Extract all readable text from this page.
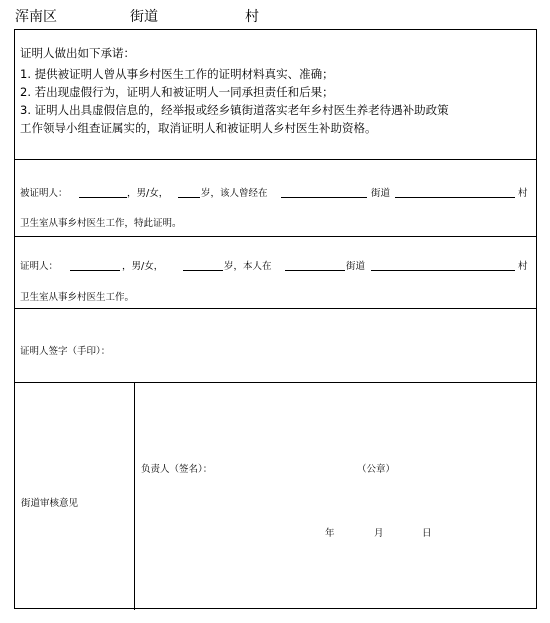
浑南区	街道	村
证明人做出如下承诺：
1. 提供被证明人曾从事乡村医生工作的证明材料真实、准确；
2. 若出现虚假行为，证明人和被证明人一同承担责任和后果；
3. 证明人出具虚假信息的，经举报或经乡镇街道落实老年乡村医生养老待遇补助政策
工作领导小组查证属实的，取消证明人和被证明人乡村医生补助资格。
被证明人：	，男/女，	岁，该人曾经在	街道	村
卫生室从事乡村医生工作，特此证明。
证明人：	，男/女，	岁，本人在	街道	村
卫生室从事乡村医生工作。
证明人签字（手印）：
街道审核意见
负责人（签名）：	（公章）
年	月	日
